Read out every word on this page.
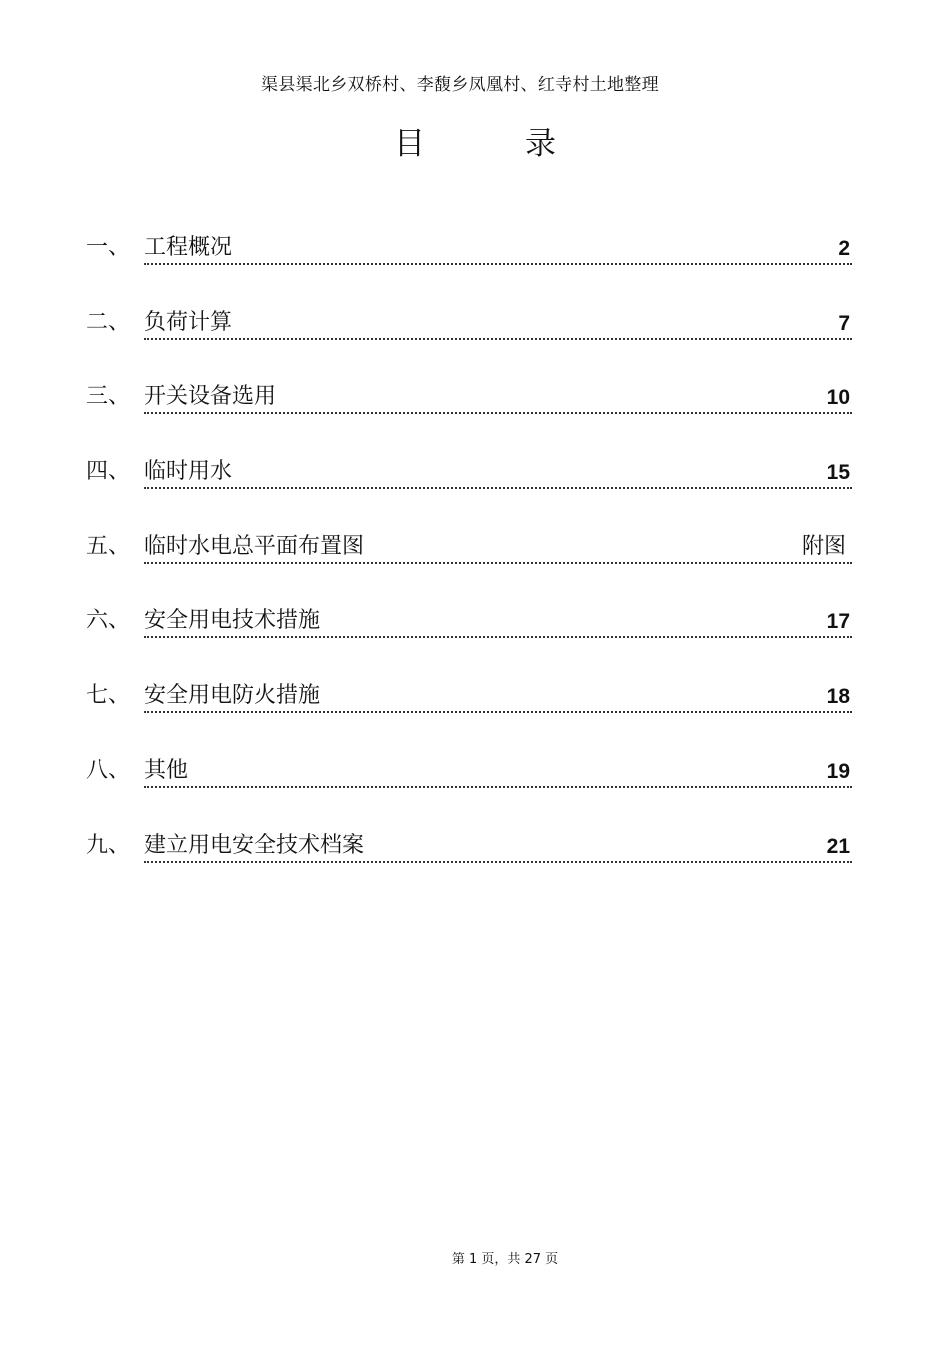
渠县渠北乡双桥村、李馥乡凤凰村、红寺村土地整理
目	录
一、 工程概况	2
二、 负荷计算	7
三、 开关设备选用	10
四、 临时用水	15
五、 临时水电总平面布置图	附图
六、 安全用电技术措施	17
七、 安全用电防火措施	18
八、 其他	19
九、 建立用电安全技术档案	21
第 1 页，共 27 页
